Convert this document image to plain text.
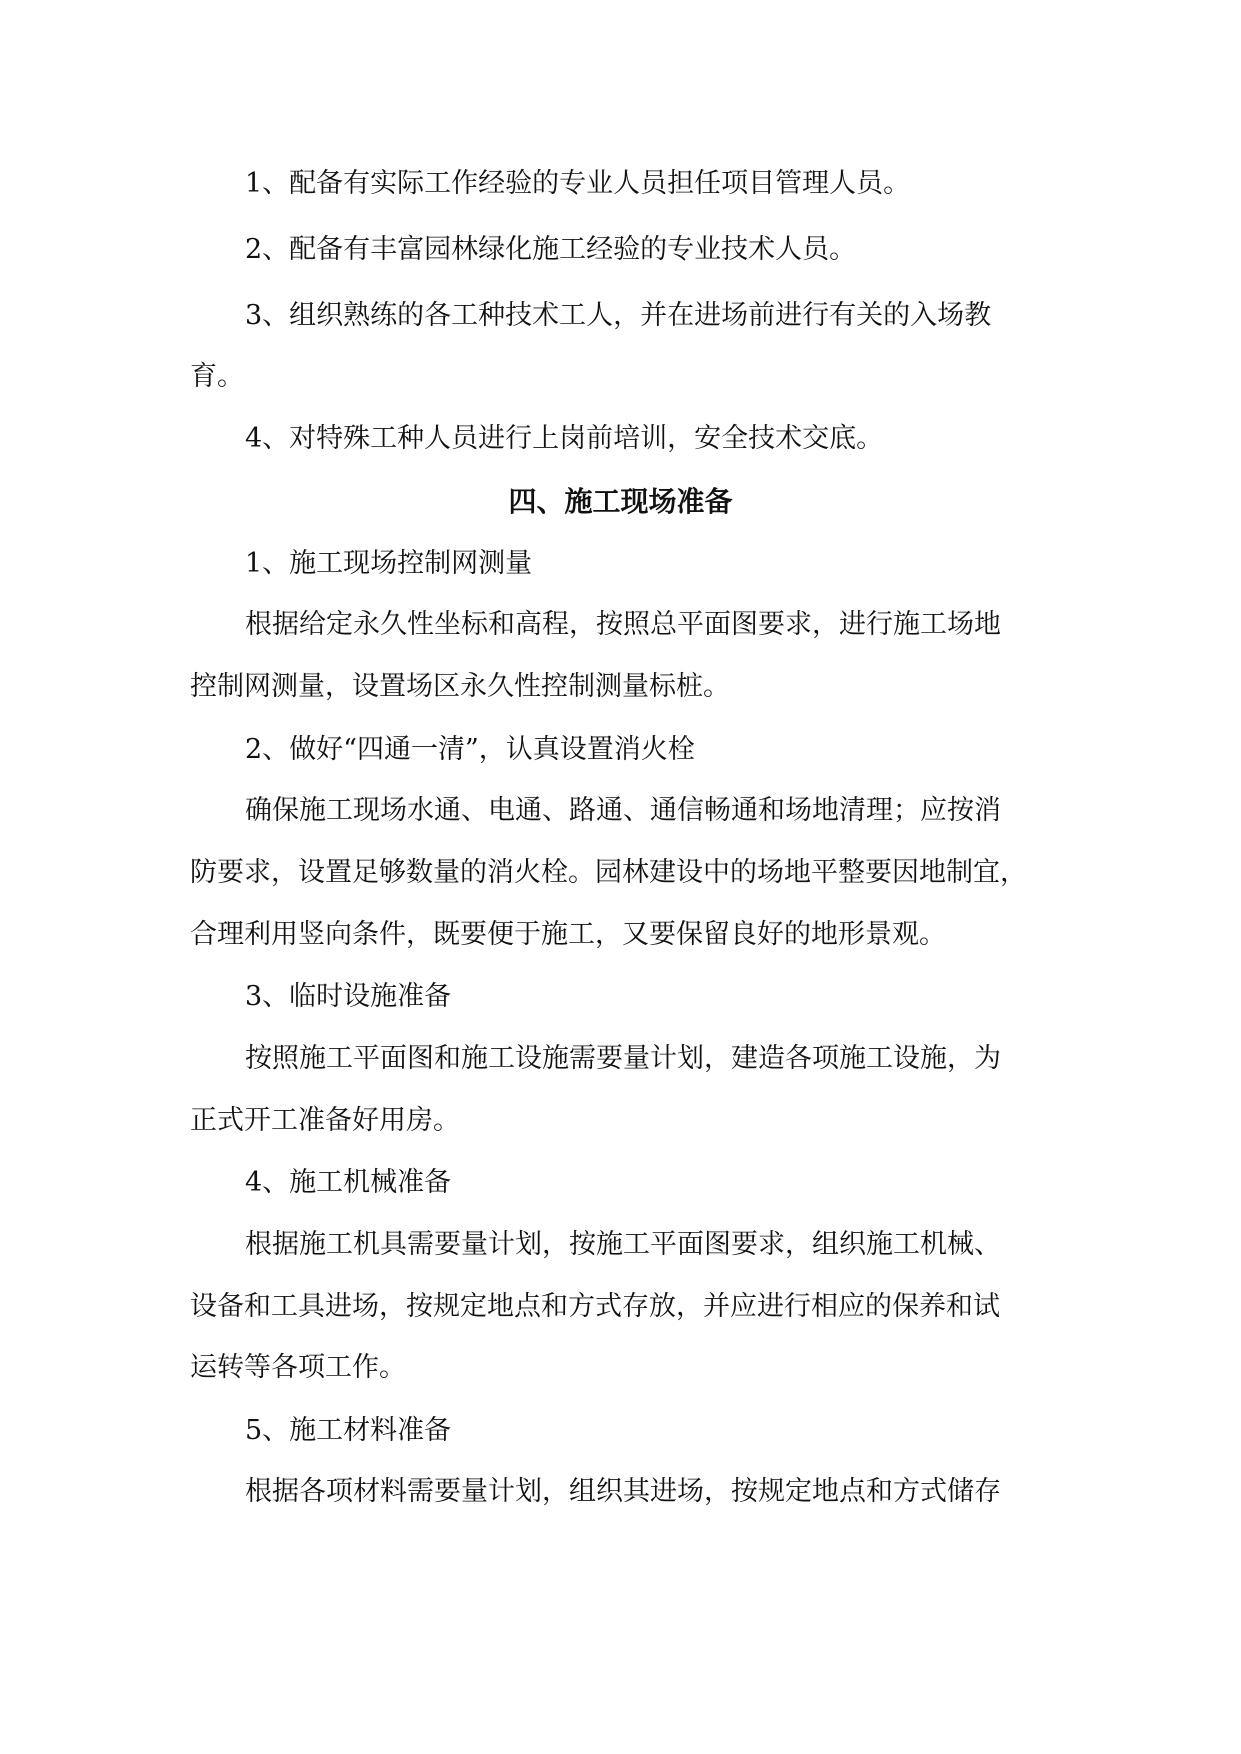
1、配备有实际工作经验的专业人员担任项目管理人员。
2、配备有丰富园林绿化施工经验的专业技术人员。
3、组织熟练的各工种技术工人，并在进场前进行有关的入场教
育。
4、对特殊工种人员进行上岗前培训，安全技术交底。
四、施工现场准备
1、施工现场控制网测量
根据给定永久性坐标和高程，按照总平面图要求，进行施工场地
控制网测量，设置场区永久性控制测量标桩。
2、做好“四通一清”，认真设置消火栓
确保施工现场水通、电通、路通、通信畅通和场地清理；应按消
防要求，设置足够数量的消火栓。园林建设中的场地平整要因地制宜，
合理利用竖向条件，既要便于施工，又要保留良好的地形景观。
3、临时设施准备
按照施工平面图和施工设施需要量计划，建造各项施工设施，为
正式开工准备好用房。
4、施工机械准备
根据施工机具需要量计划，按施工平面图要求，组织施工机械、
设备和工具进场，按规定地点和方式存放，并应进行相应的保养和试
运转等各项工作。
5、施工材料准备
根据各项材料需要量计划，组织其进场，按规定地点和方式储存
